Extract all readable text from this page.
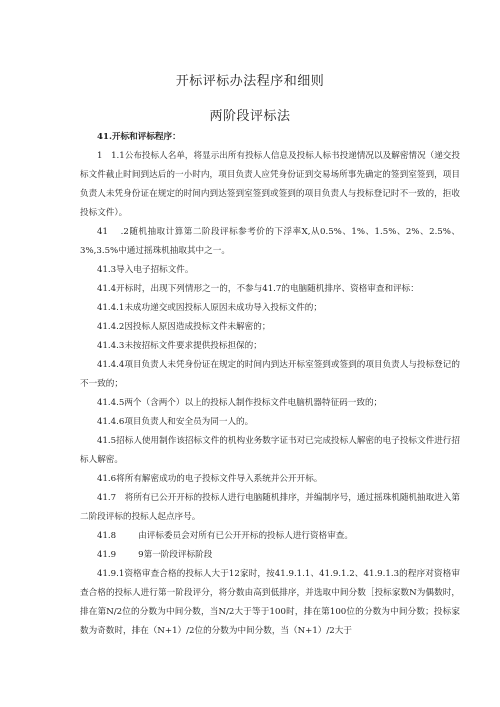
开标评标办法程序和细则
两阶段评标法

41.开标和评标程序：

1　1.1公布投标人名单，将显示出所有投标人信息及投标人标书投递情况以及解密情况（递交投标文件截止时间到达后的一小时内，项目负责人应凭身份证到交易场所事先确定的签到室签到，项目负责人未凭身份证在规定的时间内到达签到室签到或签到的项目负责人与投标登记时不一致的，拒收投标文件）。

41　 .2随机抽取计算第二阶段评标参考价的下浮率X,从0.5%、1%、1.5%、2%、2.5%、3%,3.5%中通过摇珠机抽取其中之一。

41.3导入电子招标文件。

41.4开标时，出现下列情形之一的，不参与41.7的电脑随机排序、资格审查和评标：

41.4.1未成功递交或因投标人原因未成功导入投标文件的；

41.4.2因投标人原因造成投标文件未解密的；

41.4.3未按招标文件要求提供投标担保的；

41.4.4项目负责人未凭身份证在规定的时间内到达开标室签到或签到的项目负责人与投标登记的不一致的；

41.4.5两个（含两个）以上的投标人制作投标文件电脑机器特征码一致的；

41.4.6项目负责人和安全员为同一人的。

41.5招标人使用制作该招标文件的机构业务数字证书对已完成投标人解密的电子投标文件进行招标人解密。

41.6将所有解密成功的电子投标文件导入系统并公开开标。

41.7　将所有已公开开标的投标人进行电脑随机排序，并编制序号，通过摇珠机随机抽取进入第二阶段评标的投标人起点序号。

41.8	由评标委员会对所有已公开开标的投标人进行资格审查。

41.9	9第一阶段评标阶段

41.9.1资格审查合格的投标人大于12家时，按41.9.1.1、41.9.1.2、41.9.1.3的程序对资格审查合格的投标人进行第一阶段评分，将分数由高到低排序，并选取中间分数［投标家数N为偶数时，排在第N/2位的分数为中间分数，当N/2大于等于100时，排在第100位的分数为中间分数；投标家数为奇数时，排在（N+1）/2位的分数为中间分数，当（N+1）/2大于
